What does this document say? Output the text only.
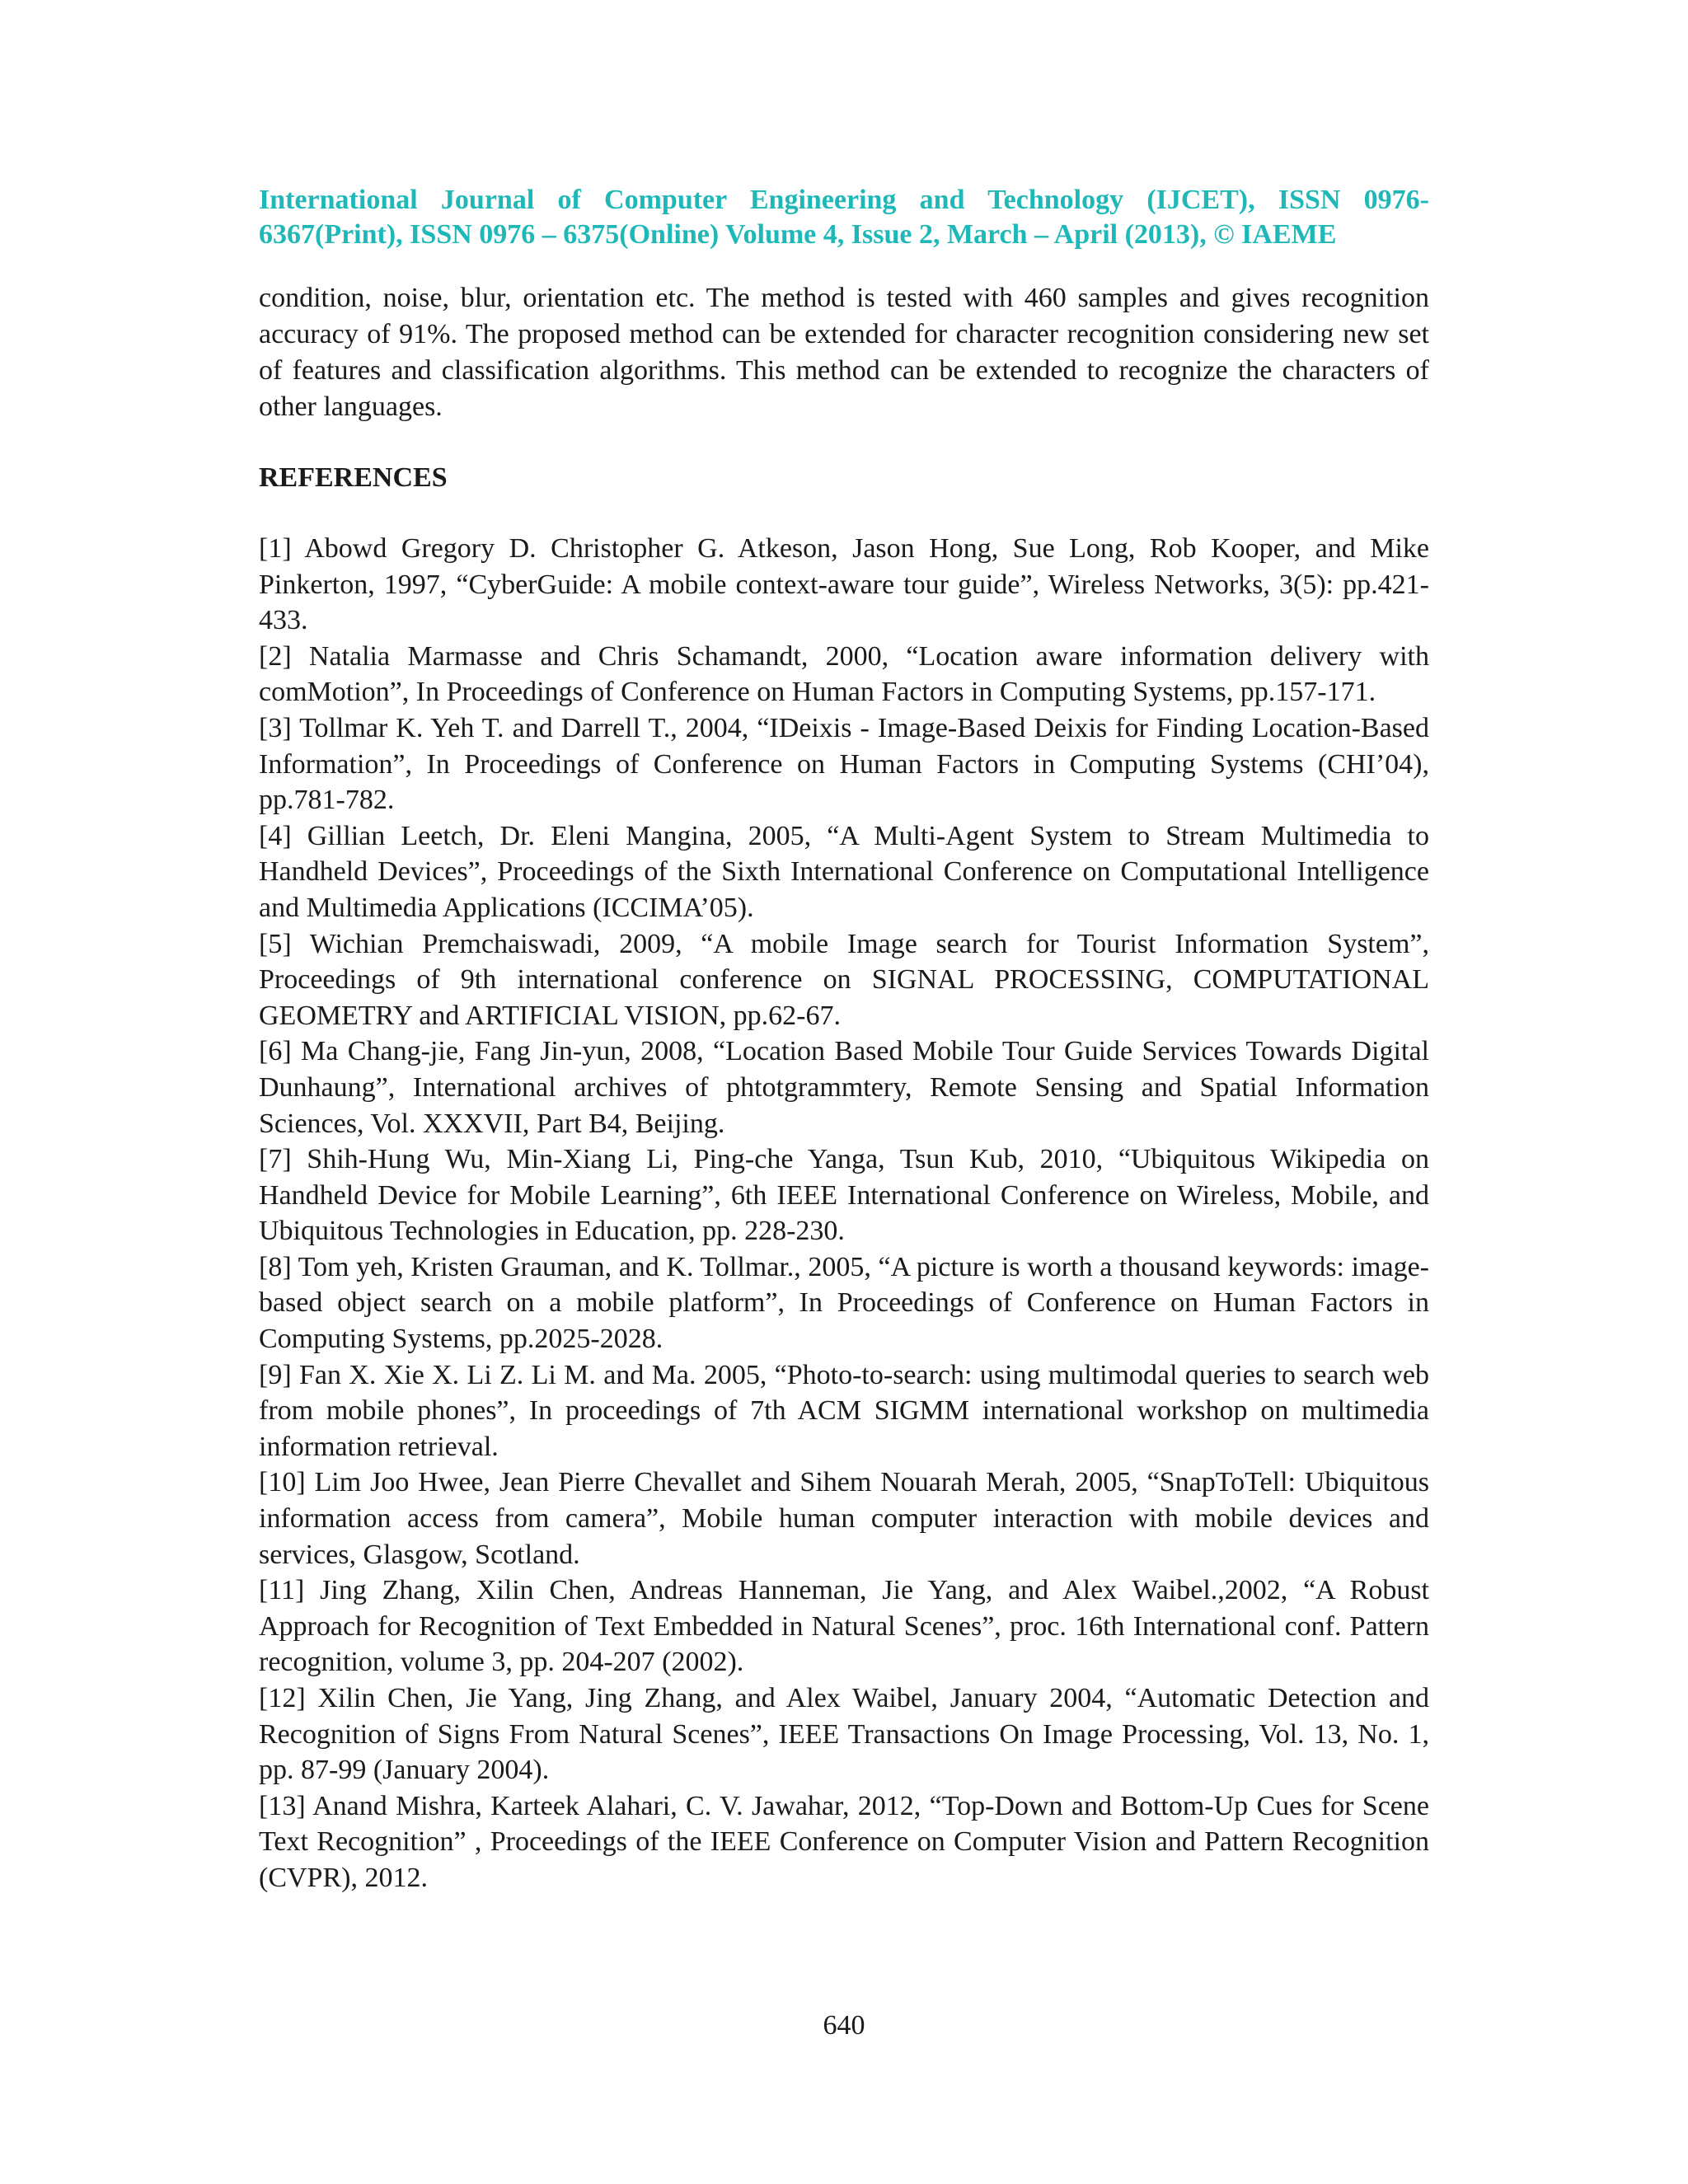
International Journal of Computer Engineering and Technology (IJCET), ISSN 0976-
6367(Print), ISSN 0976 – 6375(Online) Volume 4, Issue 2, March – April (2013), © IAEME

condition, noise, blur, orientation etc. The method is tested with 460 samples and gives recognition accuracy of 91%. The proposed method can be extended for character recognition considering new set of features and classification algorithms. This method can be extended to recognize the characters of other languages.

REFERENCES

[1] Abowd Gregory D. Christopher G. Atkeson, Jason Hong, Sue Long, Rob Kooper, and Mike Pinkerton, 1997, “CyberGuide: A mobile context-aware tour guide”, Wireless Networks, 3(5): pp.421-433.

[2] Natalia Marmasse and Chris Schamandt, 2000, “Location aware information delivery with comMotion”, In Proceedings of Conference on Human Factors in Computing Systems, pp.157-171.

[3] Tollmar K. Yeh T. and Darrell T., 2004, “IDeixis - Image-Based Deixis for Finding Location-Based Information”, In Proceedings of Conference on Human Factors in Computing Systems (CHI’04), pp.781-782.

[4] Gillian Leetch, Dr. Eleni Mangina, 2005, “A Multi-Agent System to Stream Multimedia to Handheld Devices”, Proceedings of the Sixth International Conference on Computational Intelligence and Multimedia Applications (ICCIMA’05).

[5] Wichian Premchaiswadi, 2009, “A mobile Image search for Tourist Information System”, Proceedings of 9th international conference on SIGNAL PROCESSING, COMPUTATIONAL GEOMETRY and ARTIFICIAL VISION, pp.62-67.

[6] Ma Chang-jie, Fang Jin-yun, 2008, “Location Based Mobile Tour Guide Services Towards Digital Dunhaung”, International archives of phtotgrammtery, Remote Sensing and Spatial Information Sciences, Vol. XXXVII, Part B4, Beijing.

[7] Shih-Hung Wu, Min-Xiang Li, Ping-che Yanga, Tsun Kub, 2010, “Ubiquitous Wikipedia on Handheld Device for Mobile Learning”, 6th IEEE International Conference on Wireless, Mobile, and Ubiquitous Technologies in Education, pp. 228-230.

[8] Tom yeh, Kristen Grauman, and K. Tollmar., 2005, “A picture is worth a thousand keywords: image-based object search on a mobile platform”, In Proceedings of Conference on Human Factors in Computing Systems, pp.2025-2028.

[9] Fan X. Xie X. Li Z. Li M. and Ma. 2005, “Photo-to-search: using multimodal queries to search web from mobile phones”, In proceedings of 7th ACM SIGMM international workshop on multimedia information retrieval.

[10] Lim Joo Hwee, Jean Pierre Chevallet and Sihem Nouarah Merah, 2005, “SnapToTell: Ubiquitous information access from camera”, Mobile human computer interaction with mobile devices and services, Glasgow, Scotland.

[11] Jing Zhang, Xilin Chen, Andreas Hanneman, Jie Yang, and Alex Waibel.,2002, “A Robust Approach for Recognition of Text Embedded in Natural Scenes”, proc. 16th International conf. Pattern recognition, volume 3, pp. 204-207 (2002).

[12] Xilin Chen, Jie Yang, Jing Zhang, and Alex Waibel, January 2004, “Automatic Detection and Recognition of Signs From Natural Scenes”, IEEE Transactions On Image Processing, Vol. 13, No. 1, pp. 87-99 (January 2004).

[13] Anand Mishra, Karteek Alahari, C. V. Jawahar, 2012, “Top-Down and Bottom-Up Cues for Scene Text Recognition” , Proceedings of the IEEE Conference on Computer Vision and Pattern Recognition (CVPR), 2012.

640
